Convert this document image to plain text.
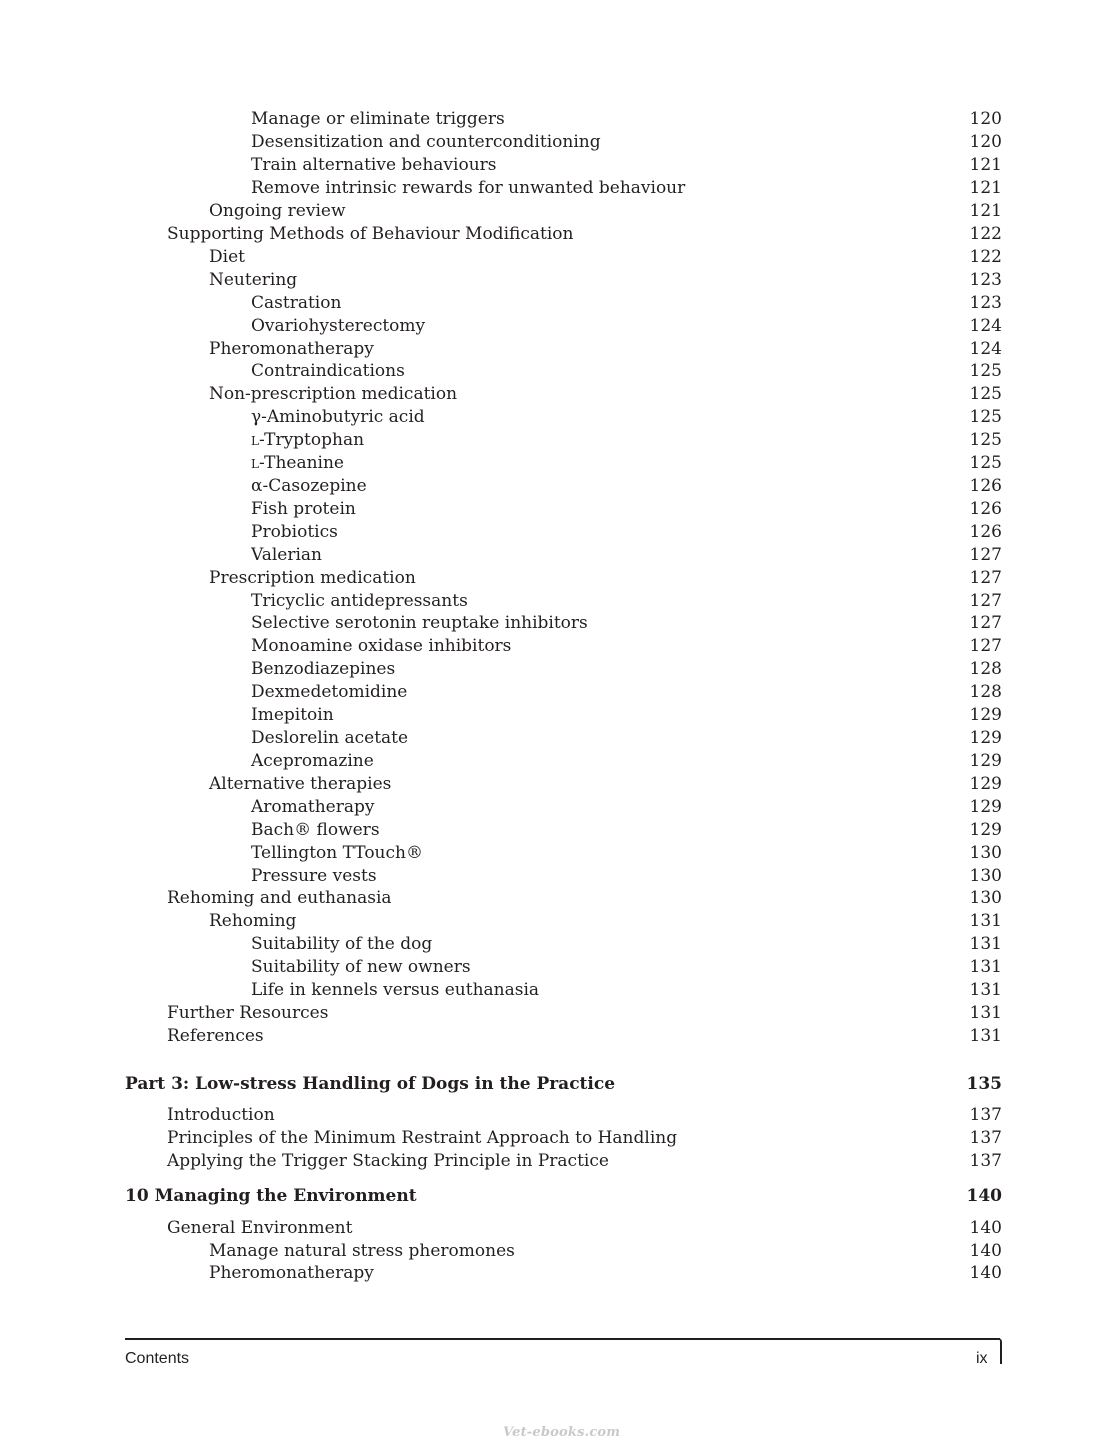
Manage or eliminate triggers	120
Desensitization and counterconditioning	120
Train alternative behaviours	121
Remove intrinsic rewards for unwanted behaviour	121
Ongoing review	121
Supporting Methods of Behaviour Modification	122
Diet	122
Neutering	123
Castration	123
Ovariohysterectomy	124
Pheromonatherapy	124
Contraindications	125
Non-prescription medication	125
γ-Aminobutyric acid	125
l-Tryptophan	125
l-Theanine	125
α-Casozepine	126
Fish protein	126
Probiotics	126
Valerian	127
Prescription medication	127
Tricyclic antidepressants	127
Selective serotonin reuptake inhibitors	127
Monoamine oxidase inhibitors	127
Benzodiazepines	128
Dexmedetomidine	128
Imepitoin	129
Deslorelin acetate	129
Acepromazine	129
Alternative therapies	129
Aromatherapy	129
Bach® flowers	129
Tellington TTouch®	130
Pressure vests	130
Rehoming and euthanasia	130
Rehoming	131
Suitability of the dog	131
Suitability of new owners	131
Life in kennels versus euthanasia	131
Further Resources	131
References	131
Part 3: Low-stress Handling of Dogs in the Practice	135
Introduction	137
Principles of the Minimum Restraint Approach to Handling	137
Applying the Trigger Stacking Principle in Practice	137
10 Managing the Environment	140
General Environment	140
Manage natural stress pheromones	140
Pheromonatherapy	140
Contents	ix
Vet-ebooks.com
